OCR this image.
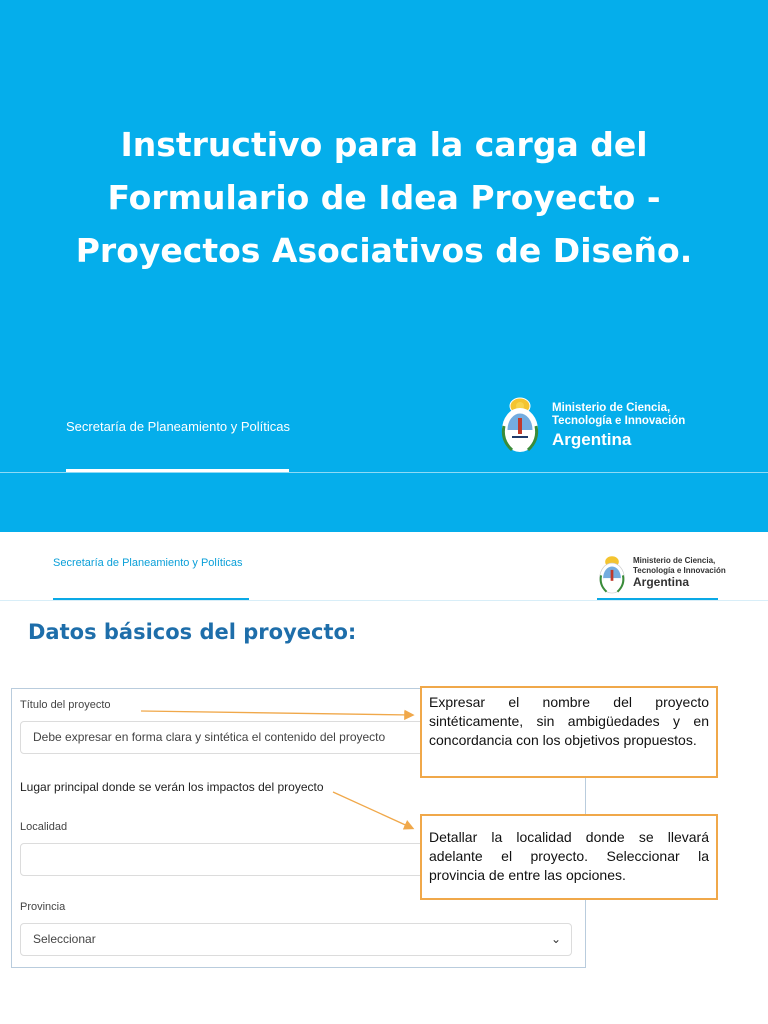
Instructivo para la carga del
Formulario de Idea Proyecto -
Proyectos Asociativos de Diseño.
Secretaría de Planeamiento y Políticas
Ministerio de Ciencia,
Tecnología e Innovación
Argentina
Secretaría de Planeamiento y Políticas	Ministerio de Ciencia,
Tecnología e Innovación
Argentina
Datos básicos del proyecto:
Título del proyecto
Debe expresar en forma clara y sintética el contenido del proyecto
Lugar principal donde se verán los impactos del proyecto
Localidad
Provincia
Seleccionar	⌄
Expresar el nombre del proyecto sintéticamente, sin ambigüedades y en concordancia con los objetivos propuestos.
Detallar la localidad donde se llevará adelante el proyecto. Seleccionar la provincia de entre las opciones.
